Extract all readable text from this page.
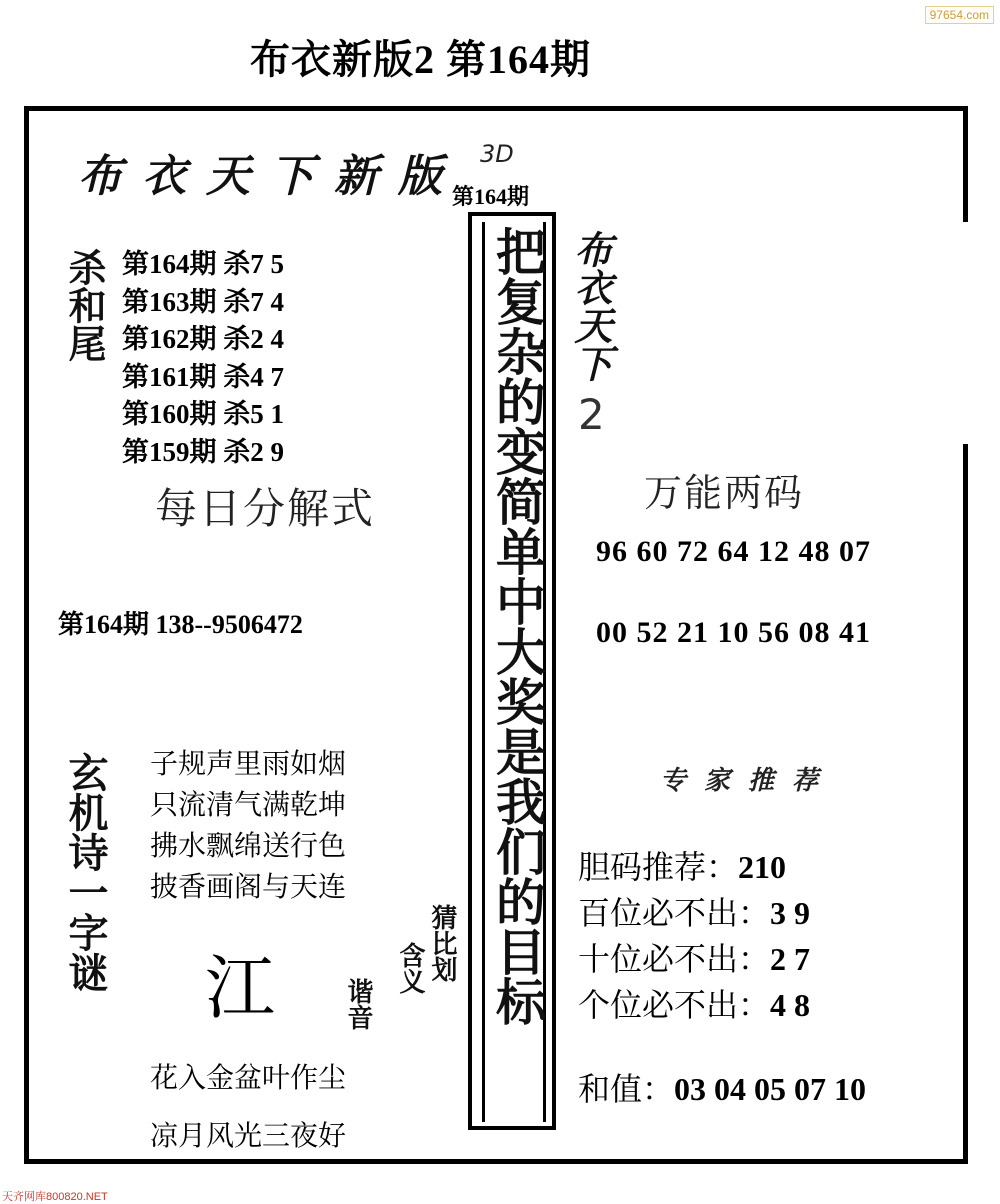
97654.com
布衣新版2 第164期
布衣天下新版 3D
第164期
杀和尾 第164期 杀7 5
第163期 杀7 4
第162期 杀2 4
第161期 杀4 7
第160期 杀5 1
第159期 杀2 9
每日分解式
第164期 138--9506472	把复杂的变简单中大奖是我们的目标 布衣天下
2
万能两码
96 60 72 64 12 48 07
00 52 21 10 56 08 41
专家推荐
胆码推荐：210
百位必不出：3 9
十位必不出：2 7
个位必不出：4 8
和值：03 04 05 07 10
玄机诗一字谜 子规声里雨如烟
只流清气满乾坤
拂水飘绵送行色
披香画阁与天连
江
猜比划
含义
谐音
花入金盆叶作尘
凉月风光三夜好
天齐网库800820.NET
